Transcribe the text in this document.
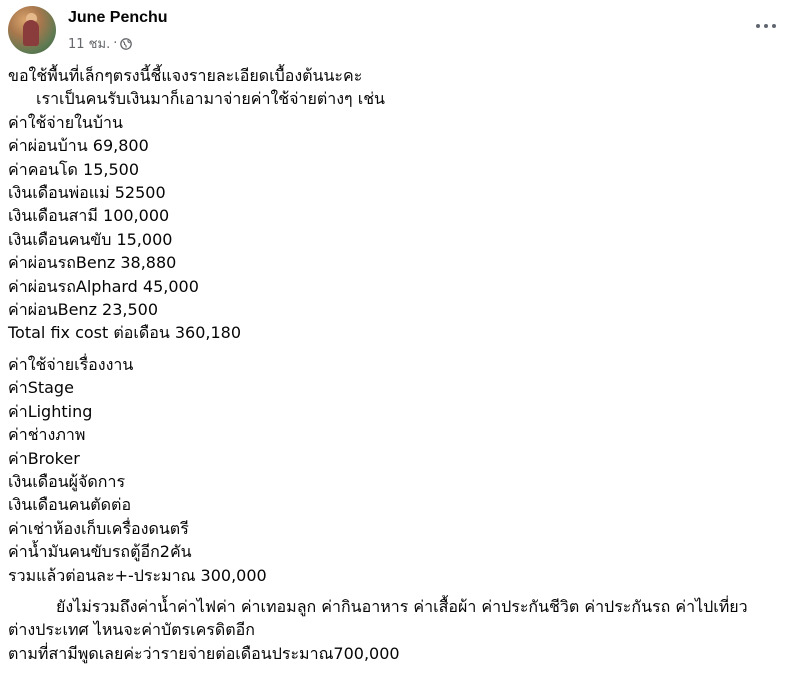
June Penchu
11 ชม. ·
ขอใช้พื้นที่เล็กๆตรงนี้ชี้แจงรายละเอียดเบื้องต้นนะคะ
เราเป็นคนรับเงินมาก็เอามาจ่ายค่าใช้จ่ายต่างๆ เช่น
ค่าใช้จ่ายในบ้าน
ค่าผ่อนบ้าน 69,800
ค่าคอนโด 15,500
เงินเดือนพ่อแม่ 52500
เงินเดือนสามี 100,000
เงินเดือนคนขับ 15,000
ค่าผ่อนรถBenz 38,880
ค่าผ่อนรถAlphard 45,000
ค่าผ่อนBenz 23,500
Total fix cost ต่อเดือน 360,180
ค่าใช้จ่ายเรื่องงาน
ค่าStage
ค่าLighting
ค่าช่างภาพ
ค่าBroker
เงินเดือนผู้จัดการ
เงินเดือนคนตัดต่อ
ค่าเช่าห้องเก็บเครื่องดนตรี
ค่าน้ำมันคนขับรถตู้อีก2คัน
รวมแล้วต่อนละ+-ประมาณ 300,000
ยังไม่รวมถึงค่าน้ำค่าไฟค่า ค่าเทอมลูก ค่ากินอาหาร ค่าเสื้อผ้า ค่าประกันชีวิต ค่าประกันรถ ค่าไปเที่ยว
ต่างประเทศ ไหนจะค่าบัตรเครดิตอีก
ตามที่สามีพูดเลยค่ะว่ารายจ่ายต่อเดือนประมาณ700,000
